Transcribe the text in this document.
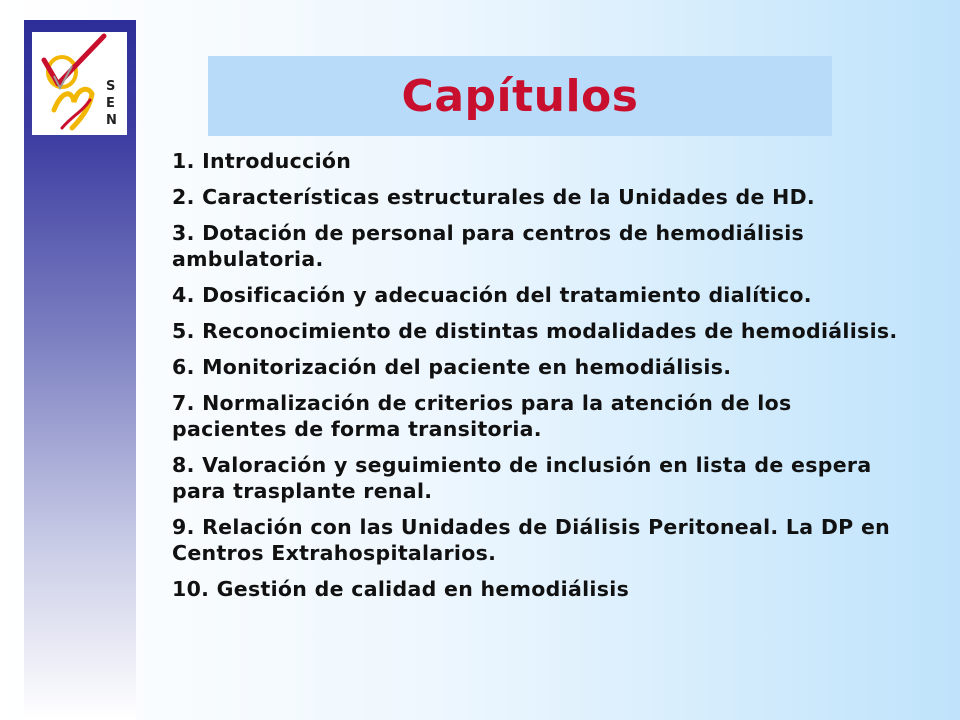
S
E
N	Capítulos
1. Introducción
2. Características estructurales de la Unidades de HD.
3. Dotación de personal para centros de hemodiálisis ambulatoria.
4. Dosificación y adecuación del tratamiento dialítico.
5. Reconocimiento de distintas modalidades de hemodiálisis.
6. Monitorización del paciente en hemodiálisis.
7. Normalización de criterios para la atención de los pacientes de forma transitoria.
8. Valoración y seguimiento de inclusión en lista de espera para trasplante renal.
9. Relación con las Unidades de Diálisis Peritoneal. La DP en Centros Extrahospitalarios.
10. Gestión de calidad en hemodiálisis
